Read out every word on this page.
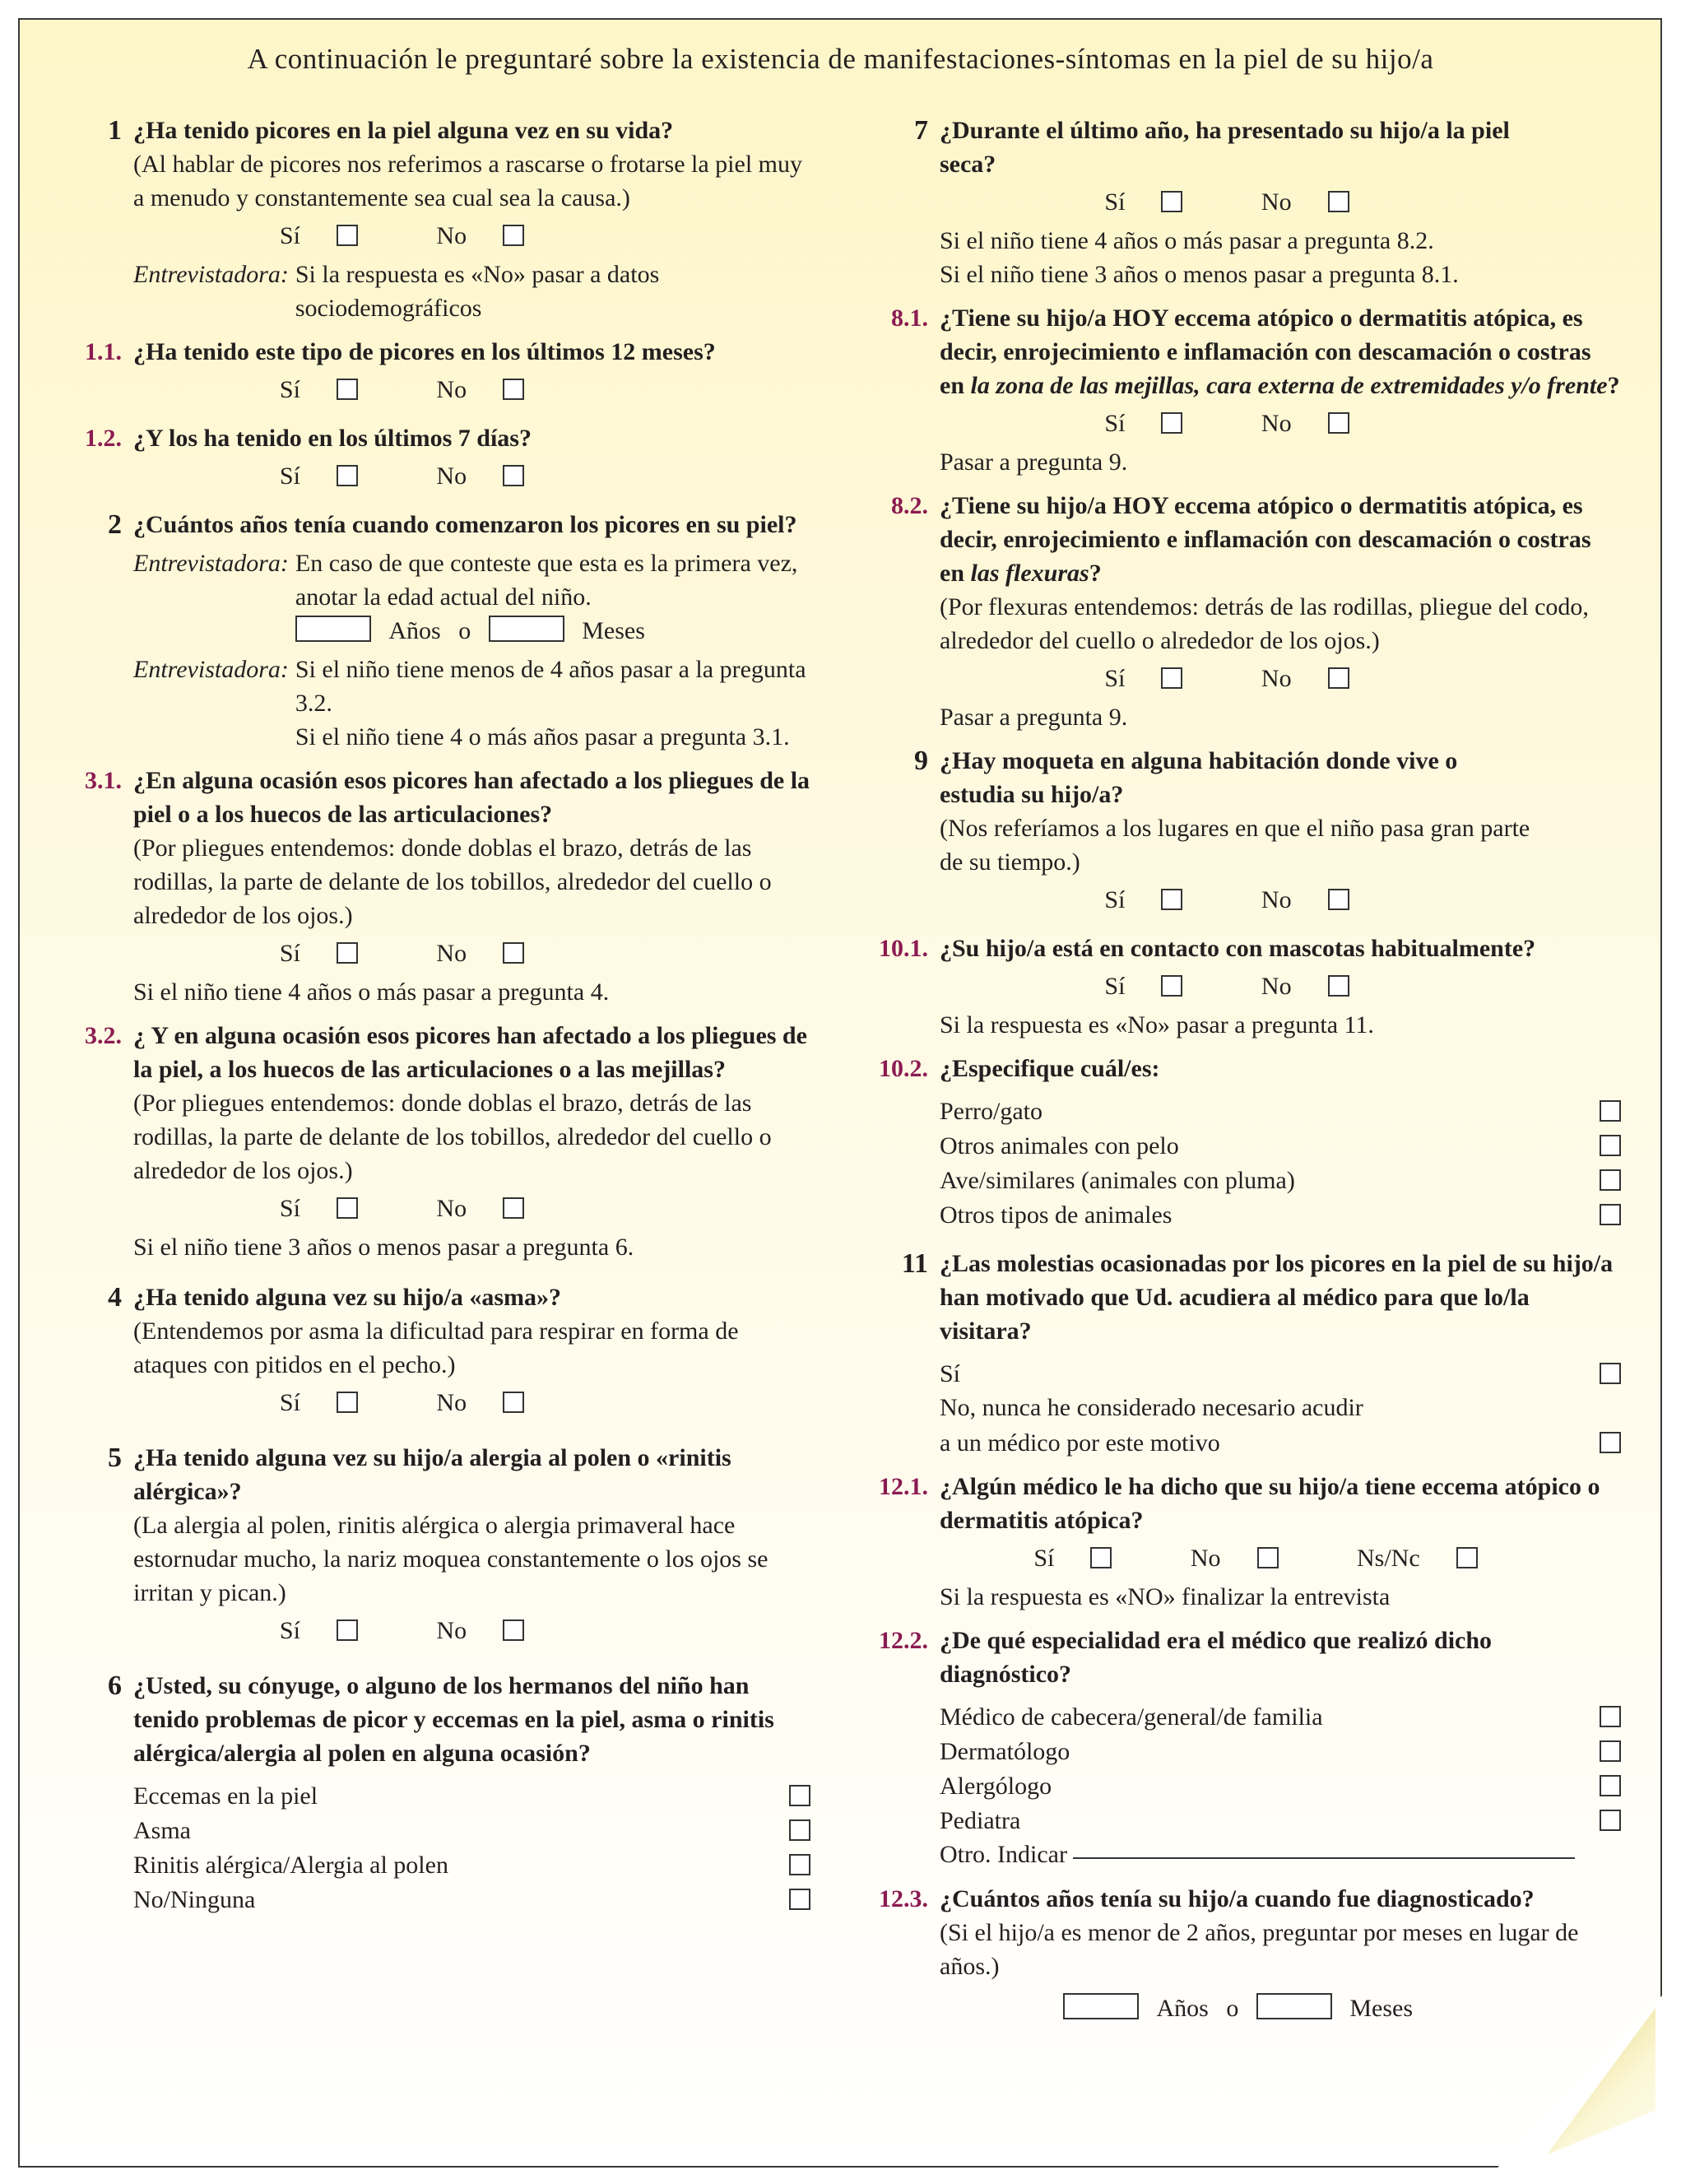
A continuación le preguntaré sobre la existencia de manifestaciones-síntomas en la piel de su hijo/a
1 ¿Ha tenido picores en la piel alguna vez en su vida?
(Al hablar de picores nos referimos a rascarse o frotarse la piel muy a menudo y constantemente sea cual sea la causa.)
Sí	No
Entrevistadora: Si la respuesta es «No» pasar a datos sociodemográficos
1.1. ¿Ha tenido este tipo de picores en los últimos 12 meses?
Sí	No
1.2. ¿Y los ha tenido en los últimos 7 días?
Sí	No
2 ¿Cuántos años tenía cuando comenzaron los picores en su piel?
Entrevistadora: En caso de que conteste que esta es la primera vez, anotar la edad actual del niño.
Años o	Meses
Entrevistadora: Si el niño tiene menos de 4 años pasar a la pregunta 3.2.
Si el niño tiene 4 o más años pasar a pregunta 3.1.
3.1. ¿En alguna ocasión esos picores han afectado a los pliegues de la piel o a los huecos de las articulaciones?
(Por pliegues entendemos: donde doblas el brazo, detrás de las rodillas, la parte de delante de los tobillos, alrededor del cuello o alrededor de los ojos.)
Sí	No
Si el niño tiene 4 años o más pasar a pregunta 4.
3.2. ¿ Y en alguna ocasión esos picores han afectado a los pliegues de la piel, a los huecos de las articulaciones o a las mejillas?
(Por pliegues entendemos: donde doblas el brazo, detrás de las rodillas, la parte de delante de los tobillos, alrededor del cuello o alrededor de los ojos.)
Sí	No
Si el niño tiene 3 años o menos pasar a pregunta 6.
4 ¿Ha tenido alguna vez su hijo/a «asma»?
(Entendemos por asma la dificultad para respirar en forma de ataques con pitidos en el pecho.)
Sí	No
5 ¿Ha tenido alguna vez su hijo/a alergia al polen o «rinitis alérgica»?
(La alergia al polen, rinitis alérgica o alergia primaveral hace estornudar mucho, la nariz moquea constantemente o los ojos se irritan y pican.)
Sí	No
6 ¿Usted, su cónyuge, o alguno de los hermanos del niño han tenido problemas de picor y eccemas en la piel, asma o rinitis alérgica/alergia al polen en alguna ocasión?
Eccemas en la piel
Asma
Rinitis alérgica/Alergia al polen
No/Ninguna
7 ¿Durante el último año, ha presentado su hijo/a la piel seca?
Sí	No
Si el niño tiene 4 años o más pasar a pregunta 8.2.
Si el niño tiene 3 años o menos pasar a pregunta 8.1.
8.1. ¿Tiene su hijo/a HOY eccema atópico o dermatitis atópica, es decir, enrojecimiento e inflamación con descamación o costras en la zona de las mejillas, cara externa de extremidades y/o frente?
Sí	No
Pasar a pregunta 9.
8.2. ¿Tiene su hijo/a HOY eccema atópico o dermatitis atópica, es decir, enrojecimiento e inflamación con descamación o costras en las flexuras?
(Por flexuras entendemos: detrás de las rodillas, pliegue del codo, alrededor del cuello o alrededor de los ojos.)
Sí	No
Pasar a pregunta 9.
9 ¿Hay moqueta en alguna habitación donde vive o estudia su hijo/a?
(Nos referíamos a los lugares en que el niño pasa gran parte de su tiempo.)
Sí	No
10.1. ¿Su hijo/a está en contacto con mascotas habitualmente?
Sí	No
Si la respuesta es «No» pasar a pregunta 11.
10.2. ¿Especifique cuál/es:
Perro/gato
Otros animales con pelo
Ave/similares (animales con pluma)
Otros tipos de animales
11 ¿Las molestias ocasionadas por los picores en la piel de su hijo/a han motivado que Ud. acudiera al médico para que lo/la visitara?
Sí
No, nunca he considerado necesario acudir
a un médico por este motivo
12.1. ¿Algún médico le ha dicho que su hijo/a tiene eccema atópico o dermatitis atópica?
Sí	No	Ns/Nc
Si la respuesta es «NO» finalizar la entrevista
12.2. ¿De qué especialidad era el médico que realizó dicho diagnóstico?
Médico de cabecera/general/de familia
Dermatólogo
Alergólogo
Pediatra
Otro. Indicar
12.3. ¿Cuántos años tenía su hijo/a cuando fue diagnosticado?
(Si el hijo/a es menor de 2 años, preguntar por meses en lugar de años.)
Años o	Meses
